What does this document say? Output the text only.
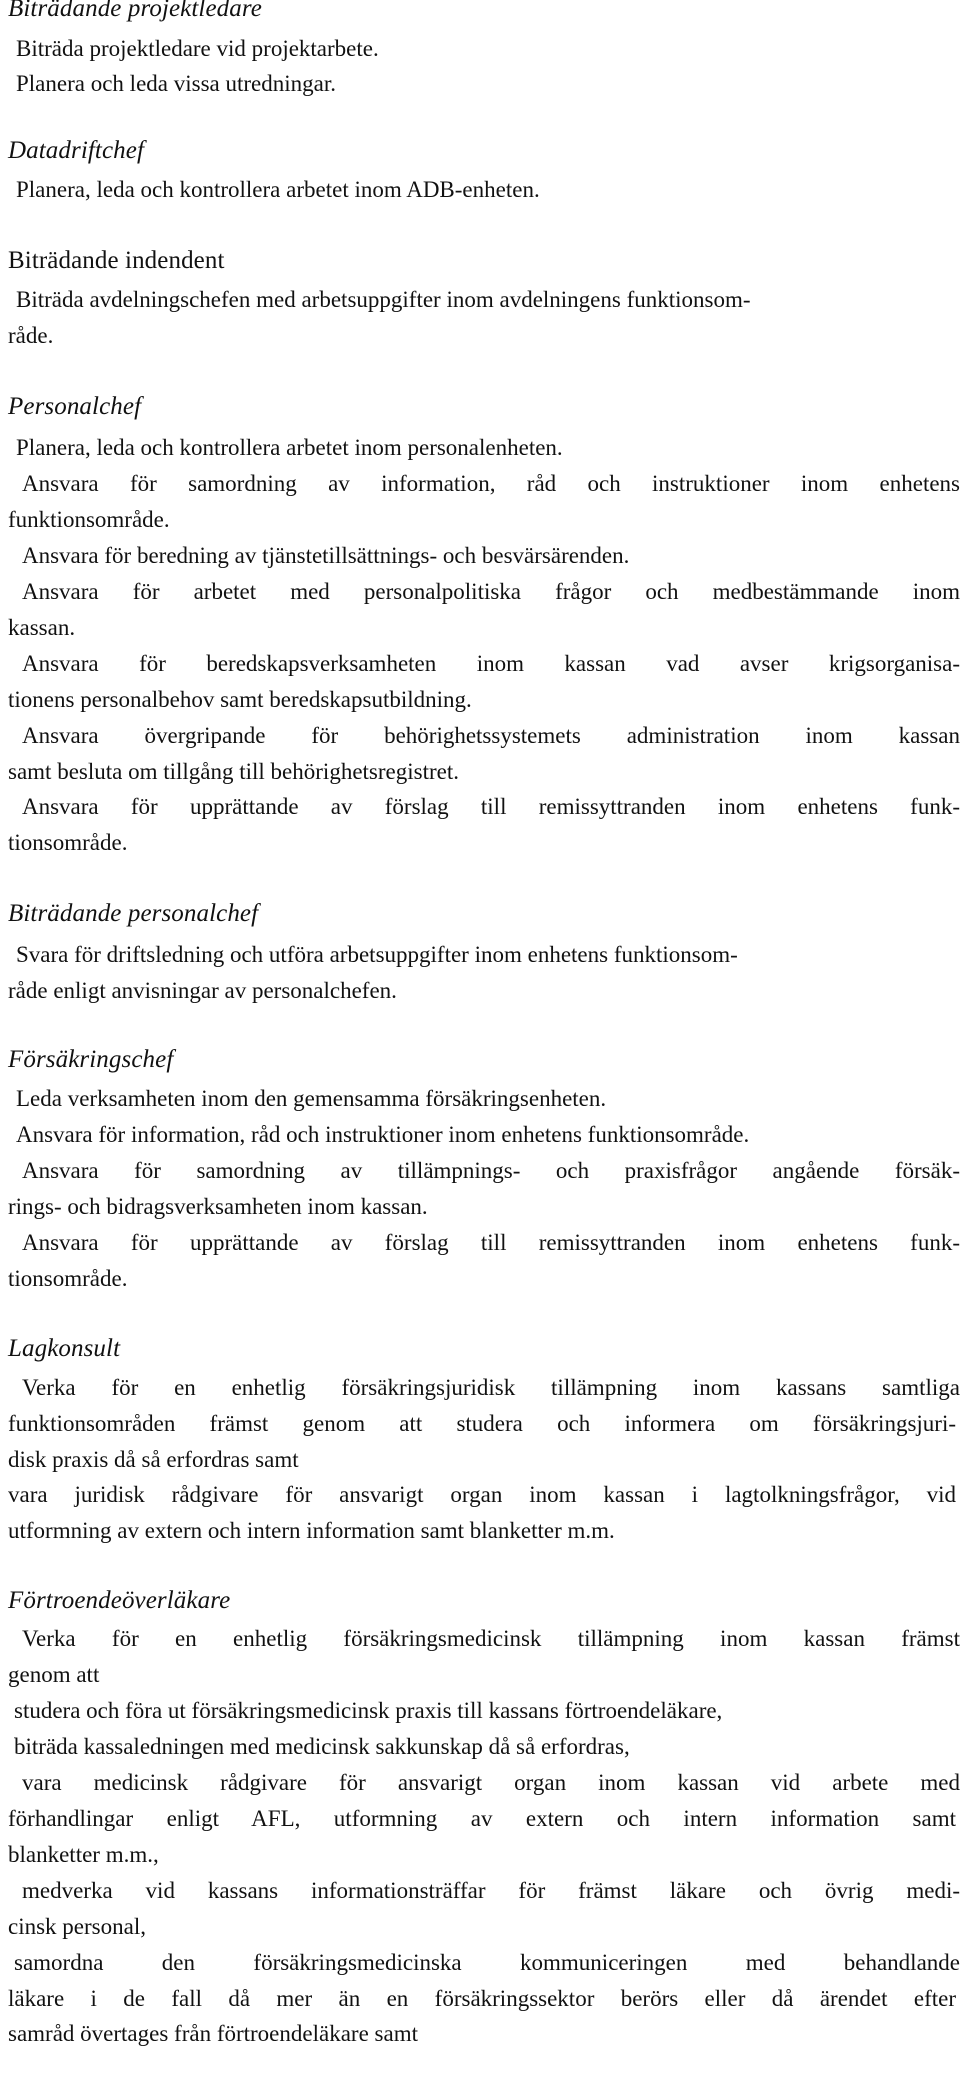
Biträdande projektledare

Biträda projektledare vid projektarbete.

Planera och leda vissa utredningar.

Datadriftchef

Planera, leda och kontrollera arbetet inom ADB-enheten.

Biträdande indendent

Biträda avdelningschefen med arbetsuppgifter inom avdelningens funktionsom-

råde.

Personalchef

Planera, leda och kontrollera arbetet inom personalenheten.

Ansvara för samordning av information, råd och instruktioner inom enhetens

funktionsområde.

Ansvara för beredning av tjänstetillsättnings- och besvärsärenden.

Ansvara för arbetet med personalpolitiska frågor och medbestämmande inom

kassan.

Ansvara för beredskapsverksamheten inom kassan vad avser krigsorganisa-

tionens personalbehov samt beredskapsutbildning.

Ansvara övergripande för behörighetssystemets administration inom kassan

samt besluta om tillgång till behörighetsregistret.

Ansvara för upprättande av förslag till remissyttranden inom enhetens funk-

tionsområde.

Biträdande personalchef

Svara för driftsledning och utföra arbetsuppgifter inom enhetens funktionsom-

råde enligt anvisningar av personalchefen.

Försäkringschef

Leda verksamheten inom den gemensamma försäkringsenheten.

Ansvara för information, råd och instruktioner inom enhetens funktionsområde.

Ansvara för samordning av tillämpnings- och praxisfrågor angående försäk-

rings- och bidragsverksamheten inom kassan.

Ansvara för upprättande av förslag till remissyttranden inom enhetens funk-

tionsområde.

Lagkonsult

Verka för en enhetlig försäkringsjuridisk tillämpning inom kassans samtliga

funktionsområden främst genom att studera och informera om försäkringsjuri-

disk praxis då så erfordras samt

vara juridisk rådgivare för ansvarigt organ inom kassan i lagtolkningsfrågor, vid

utformning av extern och intern information samt blanketter m.m.

Förtroendeöverläkare

Verka för en enhetlig försäkringsmedicinsk tillämpning inom kassan främst

genom att

studera och föra ut försäkringsmedicinsk praxis till kassans förtroendeläkare,

biträda kassaledningen med medicinsk sakkunskap då så erfordras,

vara medicinsk rådgivare för ansvarigt organ inom kassan vid arbete med

förhandlingar enligt AFL, utformning av extern och intern information samt

blanketter m.m.,

medverka vid kassans informationsträffar för främst läkare och övrig medi-

cinsk personal,

samordna den försäkringsmedicinska kommuniceringen med behandlande

läkare i de fall då mer än en försäkringssektor berörs eller då ärendet efter

samråd övertages från förtroendeläkare samt
